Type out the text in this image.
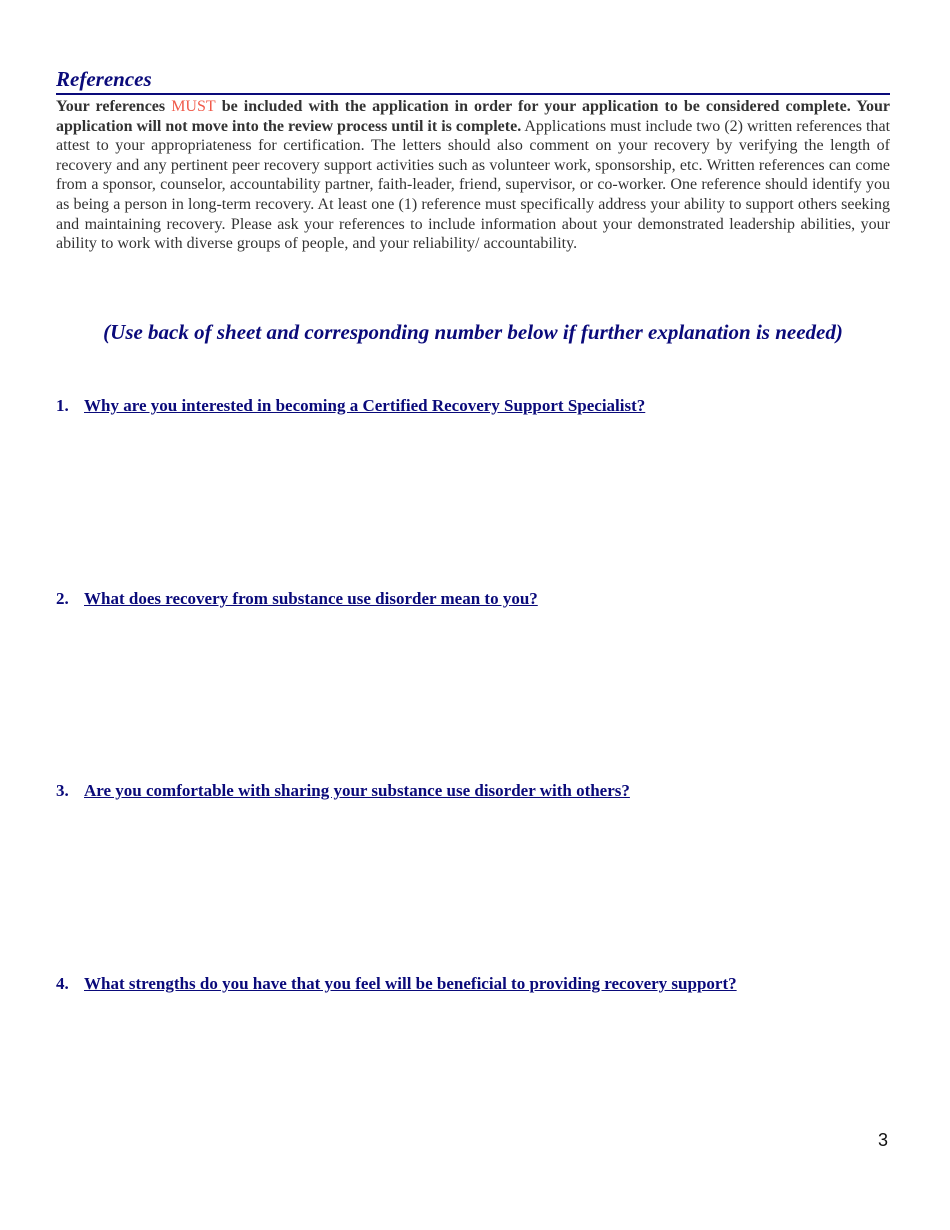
References

Your references MUST be included with the application in order for your application to be considered complete. Your application will not move into the review process until it is complete. Applications must include two (2) written references that attest to your appropriateness for certification. The letters should also comment on your recovery by verifying the length of recovery and any pertinent peer recovery support activities such as volunteer work, sponsorship, etc. Written references can come from a sponsor, counselor, accountability partner, faith-leader, friend, supervisor, or co-worker. One reference should identify you as being a person in long-term recovery. At least one (1) reference must specifically address your ability to support others seeking and maintaining recovery. Please ask your references to include information about your demonstrated leadership abilities, your ability to work with diverse groups of people, and your reliability/ accountability.

(Use back of sheet and corresponding number below if further explanation is needed)

1. Why are you interested in becoming a Certified Recovery Support Specialist?
2. What does recovery from substance use disorder mean to you?
3. Are you comfortable with sharing your substance use disorder with others?
4. What strengths do you have that you feel will be beneficial to providing recovery support?
3
